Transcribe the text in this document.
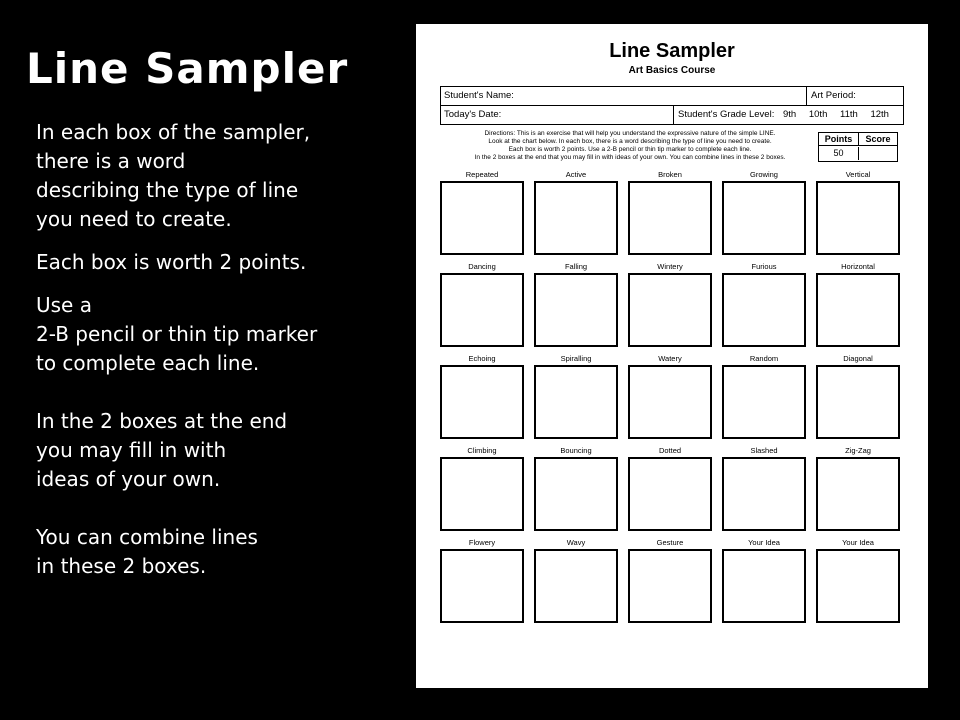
Line Sampler

In each box of the sampler,
there is a word
describing the type of line
you need to create.

Each box is worth 2 points.

Use a
2-B pencil or thin tip marker
to complete each line.

In the 2 boxes at the end
you may fill in with
ideas of your own.

You can combine lines
in these 2 boxes.

Line Sampler
Art Basics Course
Student's Name:	Art Period:
Today's Date:	Student's Grade Level: 9th 10th 11th 12th
Directions: This is an exercise that will help you understand the expressive nature of the simple LINE.
Look at the chart below. In each box, there is a word describing the type of line you need to create.
Each box is worth 2 points. Use a 2-B pencil or thin tip marker to complete each line.
In the 2 boxes at the end that you may fill in with ideas of your own. You can combine lines in these 2 boxes.
Points	Score
50
Repeated	Active	Broken	Growing	Vertical
Dancing	Falling	Wintery	Furious	Horizontal
Echoing	Spiralling	Watery	Random	Diagonal
Climbing	Bouncing	Dotted	Slashed	Zig-Zag
Flowery	Wavy	Gesture	Your Idea	Your Idea
